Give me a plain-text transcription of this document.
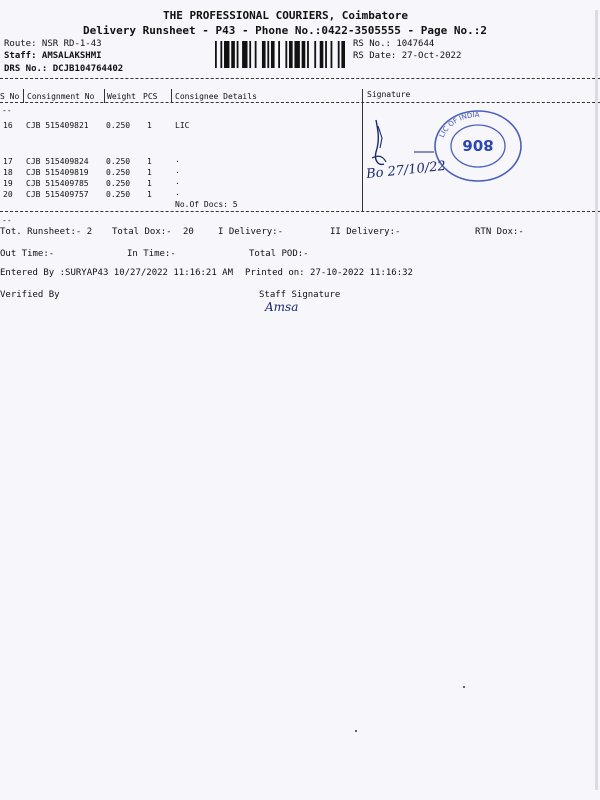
THE PROFESSIONAL COURIERS, Coimbatore
Delivery Runsheet - P43 - Phone No.:0422-3505555 - Page No.:2
Route: NSR RD-1-43
Staff: AMSALAKSHMI
DRS No.: DCJB104764402
RS No.: 1047644
RS Date: 27-Oct-2022
S No Consignment No Weight PCS Consignee Details	Signature
--
16 CJB 515409821 0.250 1	LIC
17 CJB 515409824 0.250 1	.
18 CJB 515409819 0.250 1	.
19 CJB 515409785 0.250 1	.
20 CJB 515409757 0.250 1	.
No.Of Docs: 5
Bo 27/10/22
LIC OF INDIA
806
--
Tot. Runsheet:- 2 Total Dox:- 20	I Delivery:-	II Delivery:-	RTN Dox:-
Out Time:-	In Time:-	Total POD:-
Entered By :SURYAP43 10/27/2022 11:16:21 AM Printed on: 27-10-2022 11:16:32
Verified By	Staff Signature
Amsa
